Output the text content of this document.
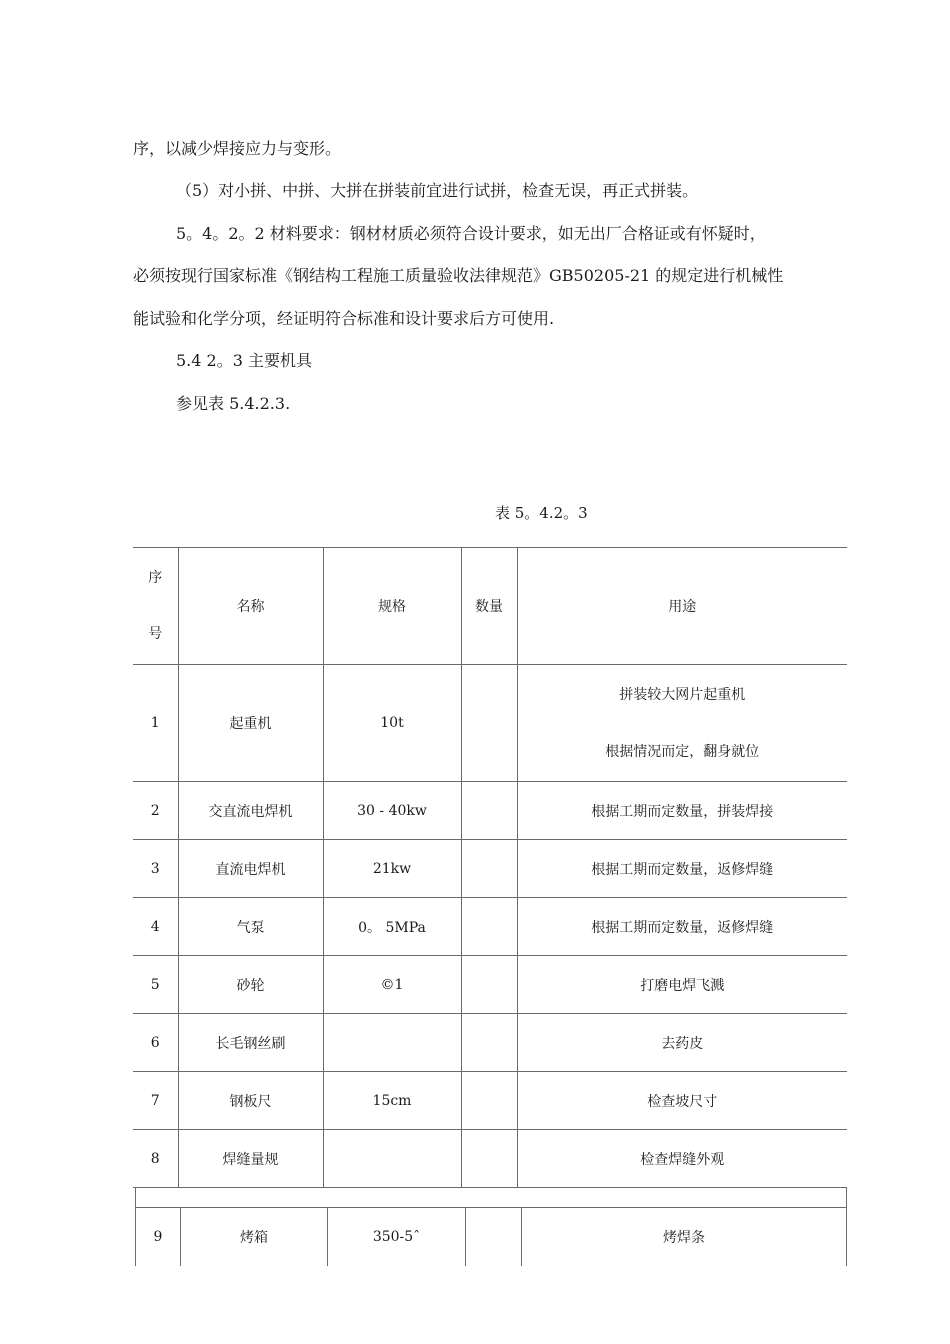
序，以减少焊接应力与变形。
（5）对小拼、中拼、大拼在拼装前宜进行试拼，检查无误，再正式拼装。
5。4。2。2 材料要求：钢材材质必须符合设计要求，如无出厂合格证或有怀疑时，
必须按现行国家标准《钢结构工程施工质量验收法律规范》GB50205-21 的规定进行机械性
能试验和化学分项，经证明符合标准和设计要求后方可使用.
5.4 2。3 主要机具
参见表 5.4.2.3.
表 5。4.2。3
序

号	名称	规格	数量	用途
1	起重机	10t		拼装较大网片起重机
根据情况而定，翻身就位

2	交直流电焊机	30 - 40kw		根据工期而定数量，拼装焊接
3	直流电焊机	21kw		根据工期而定数量，返修焊缝
4	气泵	0。 5MPa		根据工期而定数量，返修焊缝
5	砂轮	©1		打磨电焊飞溅
6	长毛钢丝刷			去药皮
7	钢板尺	15cm		检查坡尺寸
8	焊缝量规			检查焊缝外观

9	烤箱	350-5ˆ		烤焊条
